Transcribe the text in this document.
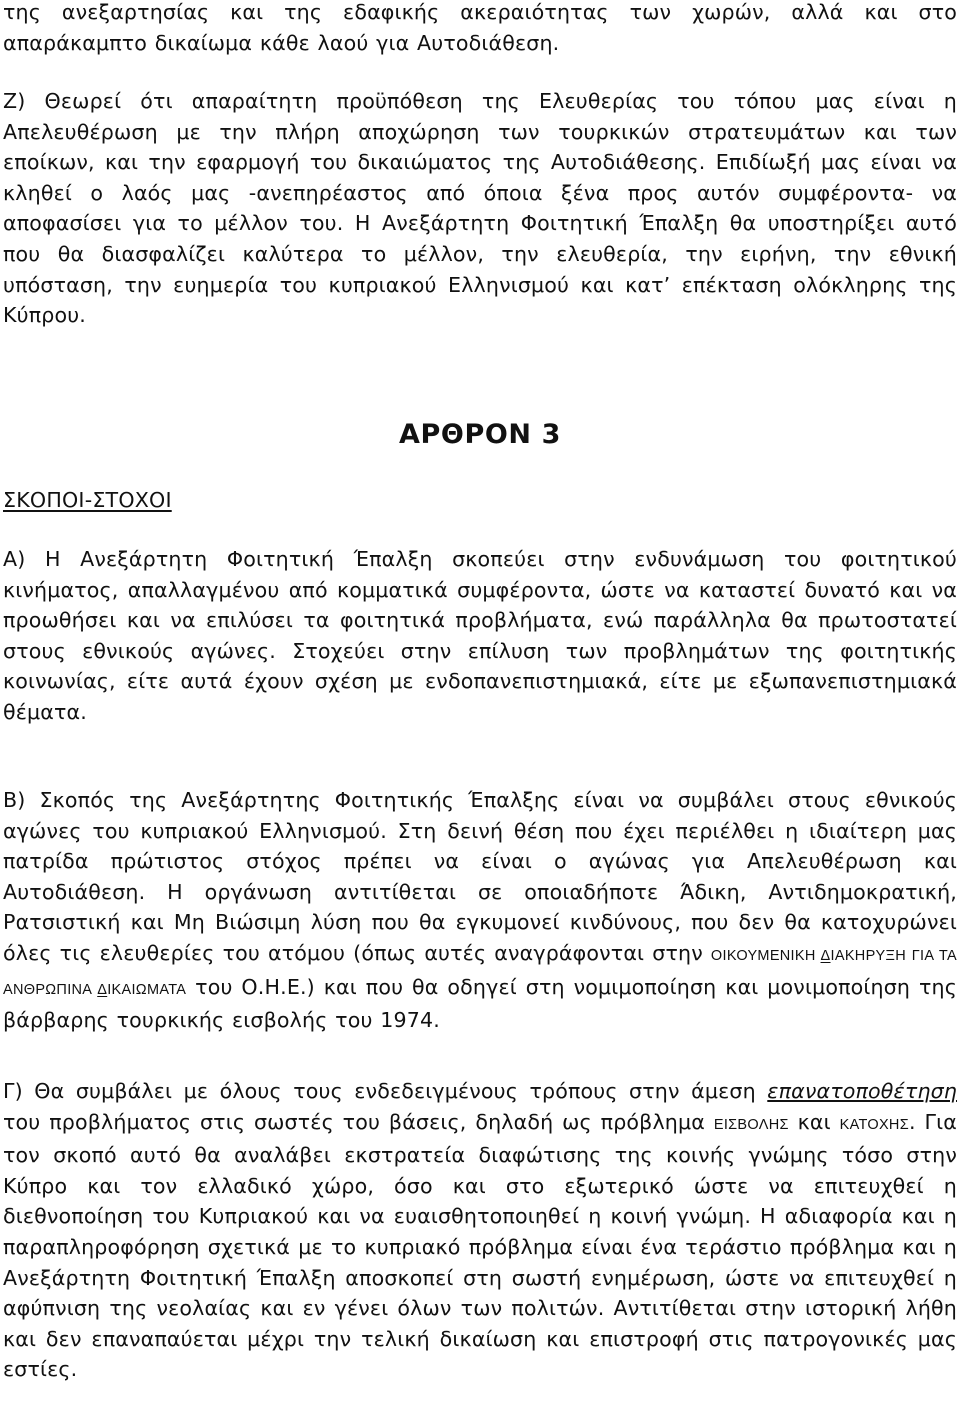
της ανεξαρτησίας και της εδαφικής ακεραιότητας των χωρών, αλλά και στο απαράκαμπτο δικαίωμα κάθε λαού για Αυτοδιάθεση.

Ζ) Θεωρεί ότι απαραίτητη προϋπόθεση της Ελευθερίας του τόπου μας είναι η Απελευθέρωση με την πλήρη αποχώρηση των τουρκικών στρατευμάτων και των εποίκων, και την εφαρμογή του δικαιώματος της Αυτοδιάθεσης. Επιδίωξή μας είναι να κληθεί ο λαός μας -ανεπηρέαστος από όποια ξένα προς αυτόν συμφέροντα- να αποφασίσει για το μέλλον του. Η Ανεξάρτητη Φοιτητική Έπαλξη θα υποστηρίξει αυτό που θα διασφαλίζει καλύτερα το μέλλον, την ελευθερία, την ειρήνη, την εθνική υπόσταση, την ευημερία του κυπριακού Ελληνισμού και κατ’ επέκταση ολόκληρης της Κύπρου.

ΑΡΘΡΟΝ 3

ΣΚΟΠΟΙ-ΣΤΟΧΟΙ

Α) Η Ανεξάρτητη Φοιτητική Έπαλξη σκοπεύει στην ενδυνάμωση του φοιτητικού κινήματος, απαλλαγμένου από κομματικά συμφέροντα, ώστε να καταστεί δυνατό και να προωθήσει και να επιλύσει τα φοιτητικά προβλήματα, ενώ παράλληλα θα πρωτοστατεί στους εθνικούς αγώνες. Στοχεύει στην επίλυση των προβλημάτων της φοιτητικής κοινωνίας, είτε αυτά έχουν σχέση με ενδοπανεπιστημιακά, είτε με εξωπανεπιστημιακά θέματα.

Β) Σκοπός της Ανεξάρτητης Φοιτητικής Έπαλξης είναι να συμβάλει στους εθνικούς αγώνες του κυπριακού Ελληνισμού. Στη δεινή θέση που έχει περιέλθει η ιδιαίτερη μας πατρίδα πρώτιστος στόχος πρέπει να είναι ο αγώνας για Απελευθέρωση και Αυτοδιάθεση. Η οργάνωση αντιτίθεται σε οποιαδήποτε Άδικη, Αντιδημοκρατική, Ρατσιστική και Μη Βιώσιμη λύση που θα εγκυμονεί κινδύνους, που δεν θα κατοχυρώνει όλες τις ελευθερίες του ατόμου (όπως αυτές αναγράφονται στην ΟΙΚΟΥΜΕΝΙΚΗ ΔΙΑΚΗΡΥΞΗ ΓΙΑ ΤΑ ΑΝΘΡΩΠΙΝΑ ΔΙΚΑΙΩΜΑΤΑ του Ο.Η.Ε.) και που θα οδηγεί στη νομιμοποίηση και μονιμοποίηση της βάρβαρης τουρκικής εισβολής του 1974.

Γ) Θα συμβάλει με όλους τους ενδεδειγμένους τρόπους στην άμεση επανατοποθέτηση του προβλήματος στις σωστές του βάσεις, δηλαδή ως πρόβλημα ΕΙΣΒΟΛΗΣ και ΚΑΤΟΧΗΣ. Για τον σκοπό αυτό θα αναλάβει εκστρατεία διαφώτισης της κοινής γνώμης τόσο στην Κύπρο και τον ελλαδικό χώρο, όσο και στο εξωτερικό ώστε να επιτευχθεί η διεθνοποίηση του Κυπριακού και να ευαισθητοποιηθεί η κοινή γνώμη. Η αδιαφορία και η παραπληροφόρηση σχετικά με το κυπριακό πρόβλημα είναι ένα τεράστιο πρόβλημα και η Ανεξάρτητη Φοιτητική Έπαλξη αποσκοπεί στη σωστή ενημέρωση, ώστε να επιτευχθεί η αφύπνιση της νεολαίας και εν γένει όλων των πολιτών. Αντιτίθεται στην ιστορική λήθη και δεν επαναπαύεται μέχρι την τελική δικαίωση και επιστροφή στις πατρογονικές μας εστίες.
